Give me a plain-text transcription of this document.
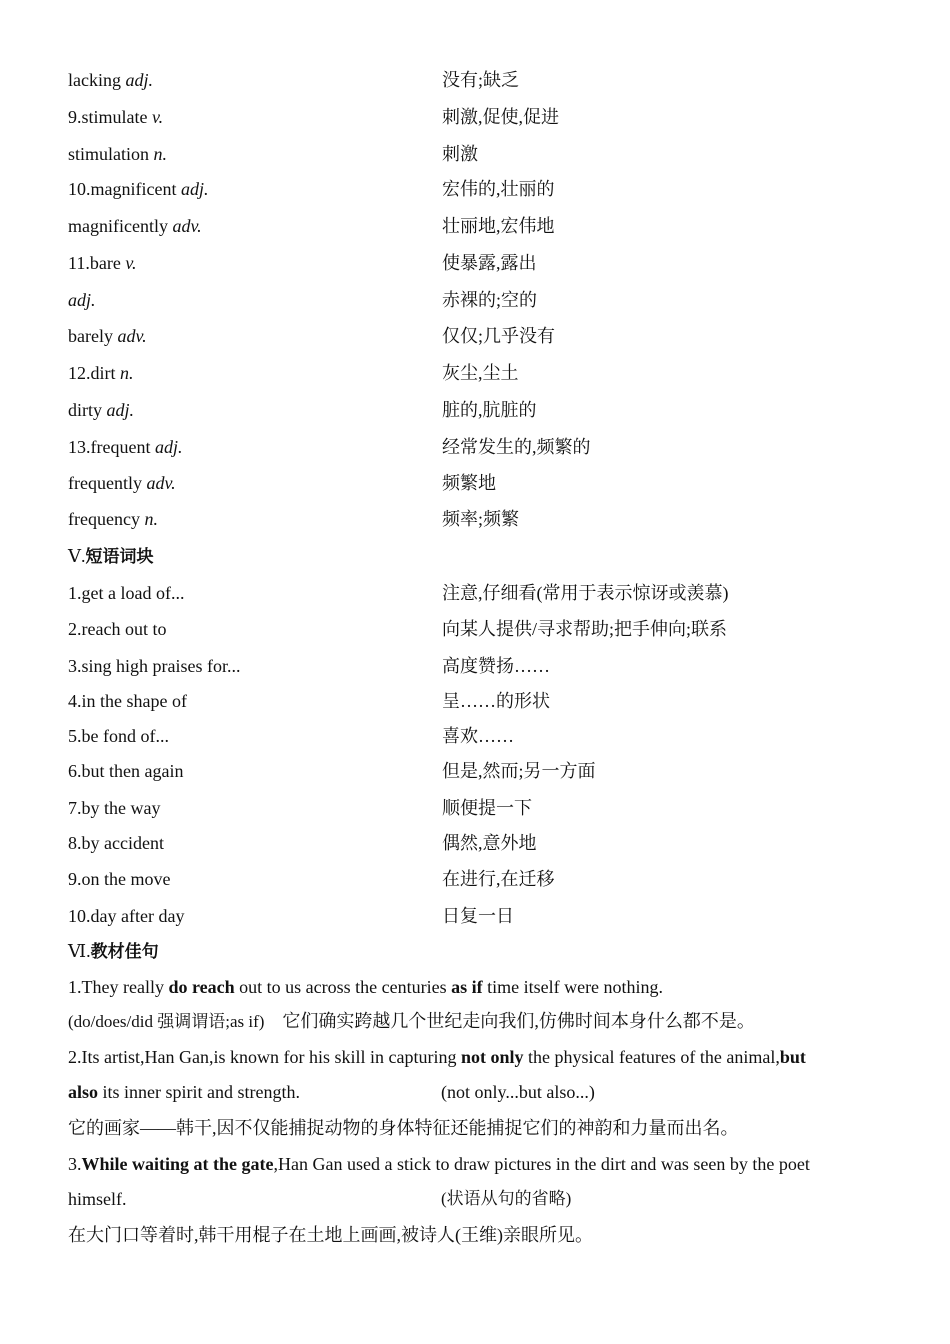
lacking adj.	没有;缺乏
9.stimulate v.	刺激,促使,促进
stimulation n.	刺激
10.magnificent adj.	宏伟的,壮丽的
magnificently adv.	壮丽地,宏伟地
11.bare v.	使暴露,露出
adj.	赤裸的;空的
barely adv.	仅仅;几乎没有
12.dirt n.	灰尘,尘土
dirty adj.	脏的,肮脏的
13.frequent adj.	经常发生的,频繁的
frequently adv.	频繁地
frequency n.	频率;频繁
Ⅴ.短语词块
1.get a load of...	注意,仔细看(常用于表示惊讶或羡慕)
2.reach out to	向某人提供/寻求帮助;把手伸向;联系
3.sing high praises for...	高度赞扬……
4.in the shape of	呈……的形状
5.be fond of...	喜欢……
6.but then again	但是,然而;另一方面
7.by the way	顺便提一下
8.by accident	偶然,意外地
9.on the move	在进行,在迁移
10.day after day	日复一日
Ⅵ.教材佳句
1.They really do reach out to us across the centuries as if time itself were nothing.
(do/does/did 强调谓语;as if) 它们确实跨越几个世纪走向我们,仿佛时间本身什么都不是。
2.Its artist,Han Gan,is known for his skill in capturing not only the physical features of the animal,but
also its inner spirit and strength.	(not only...but also...)
它的画家——韩干,因不仅能捕捉动物的身体特征还能捕捉它们的神韵和力量而出名。
3.While waiting at the gate,Han Gan used a stick to draw pictures in the dirt and was seen by the poet
himself.	(状语从句的省略)
在大门口等着时,韩干用棍子在土地上画画,被诗人(王维)亲眼所见。
